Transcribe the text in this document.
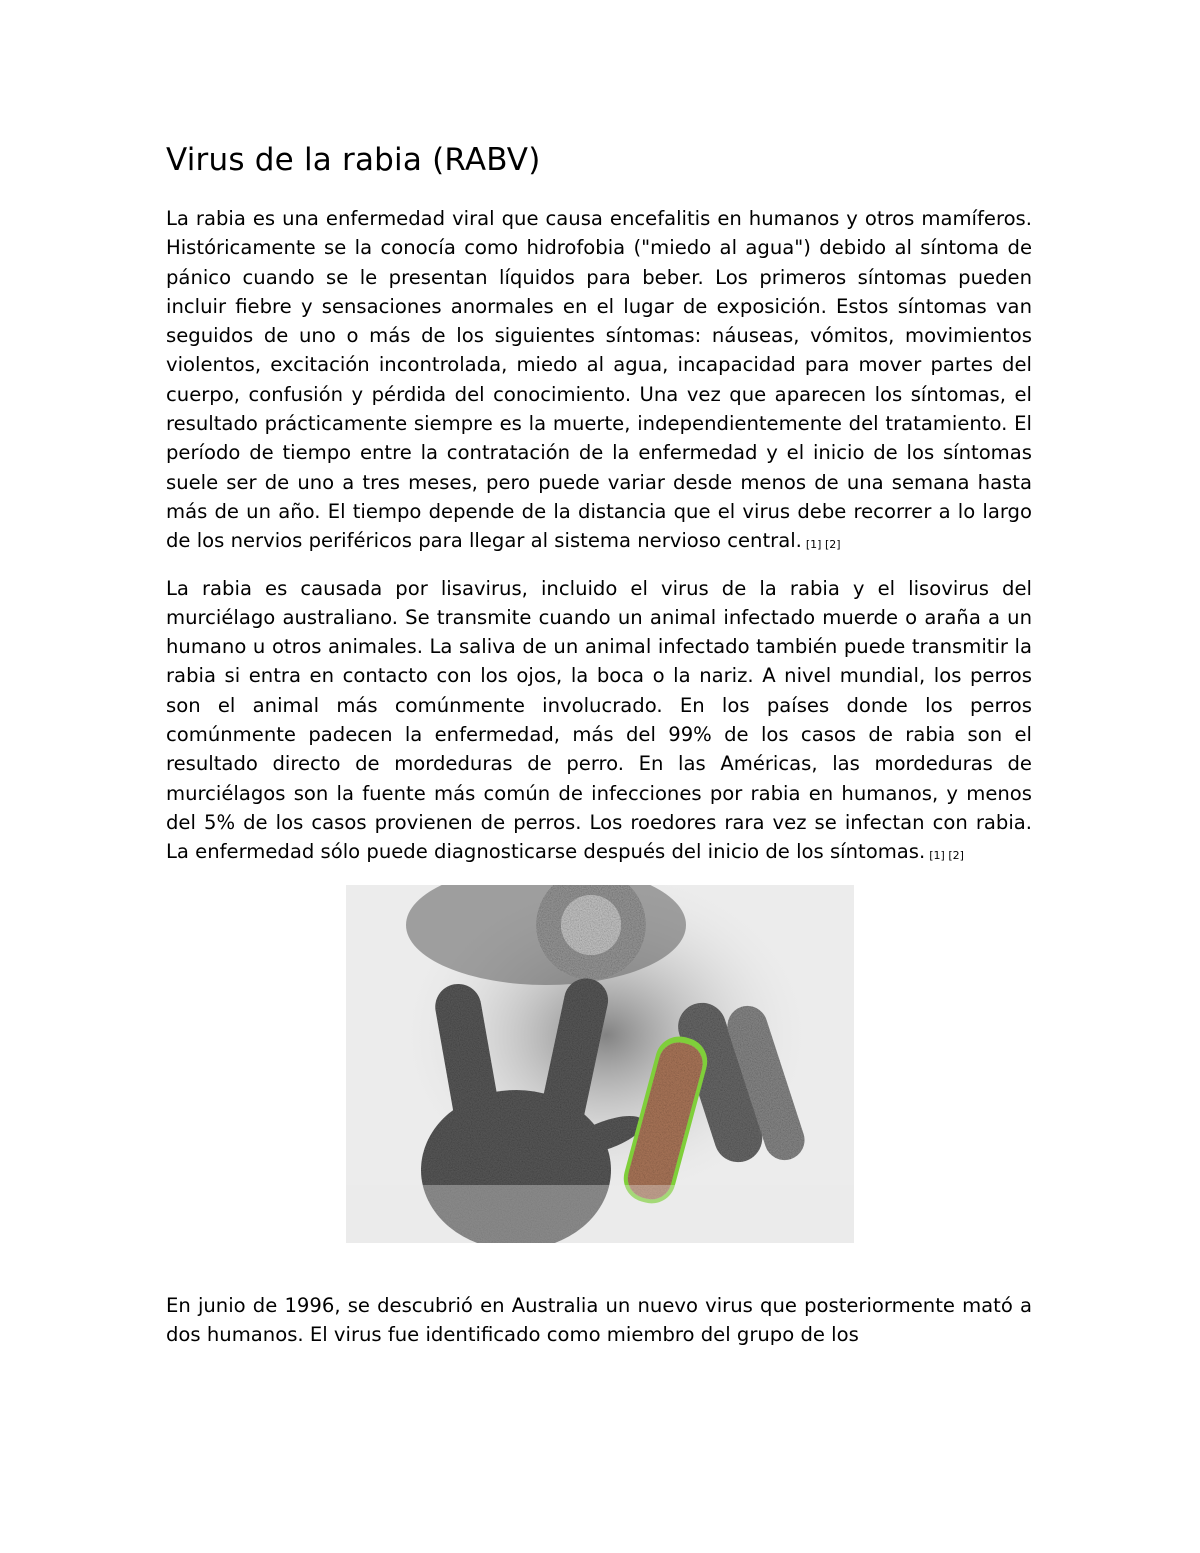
Virus de la rabia (RABV)

La rabia es una enfermedad viral que causa encefalitis en humanos y otros mamíferos. Históricamente se la conocía como hidrofobia ("miedo al agua") debido al síntoma de pánico cuando se le presentan líquidos para beber. Los primeros síntomas pueden incluir fiebre y sensaciones anormales en el lugar de exposición. Estos síntomas van seguidos de uno o más de los siguientes síntomas: náuseas, vómitos, movimientos violentos, excitación incontrolada, miedo al agua, incapacidad para mover partes del cuerpo, confusión y pérdida del conocimiento. Una vez que aparecen los síntomas, el resultado prácticamente siempre es la muerte, independientemente del tratamiento. El período de tiempo entre la contratación de la enfermedad y el inicio de los síntomas suele ser de uno a tres meses, pero puede variar desde menos de una semana hasta más de un año. El tiempo depende de la distancia que el virus debe recorrer a lo largo de los nervios periféricos para llegar al sistema nervioso central. [1] [2]

La rabia es causada por lisavirus, incluido el virus de la rabia y el lisovirus del murciélago australiano. Se transmite cuando un animal infectado muerde o araña a un humano u otros animales. La saliva de un animal infectado también puede transmitir la rabia si entra en contacto con los ojos, la boca o la nariz. A nivel mundial, los perros son el animal más comúnmente involucrado. En los países donde los perros comúnmente padecen la enfermedad, más del 99% de los casos de rabia son el resultado directo de mordeduras de perro. En las Américas, las mordeduras de murciélagos son la fuente más común de infecciones por rabia en humanos, y menos del 5% de los casos provienen de perros. Los roedores rara vez se infectan con rabia. La enfermedad sólo puede diagnosticarse después del inicio de los síntomas. [1] [2]

En junio de 1996, se descubrió en Australia un nuevo virus que posteriormente mató a dos humanos. El virus fue identificado como miembro del grupo de los
